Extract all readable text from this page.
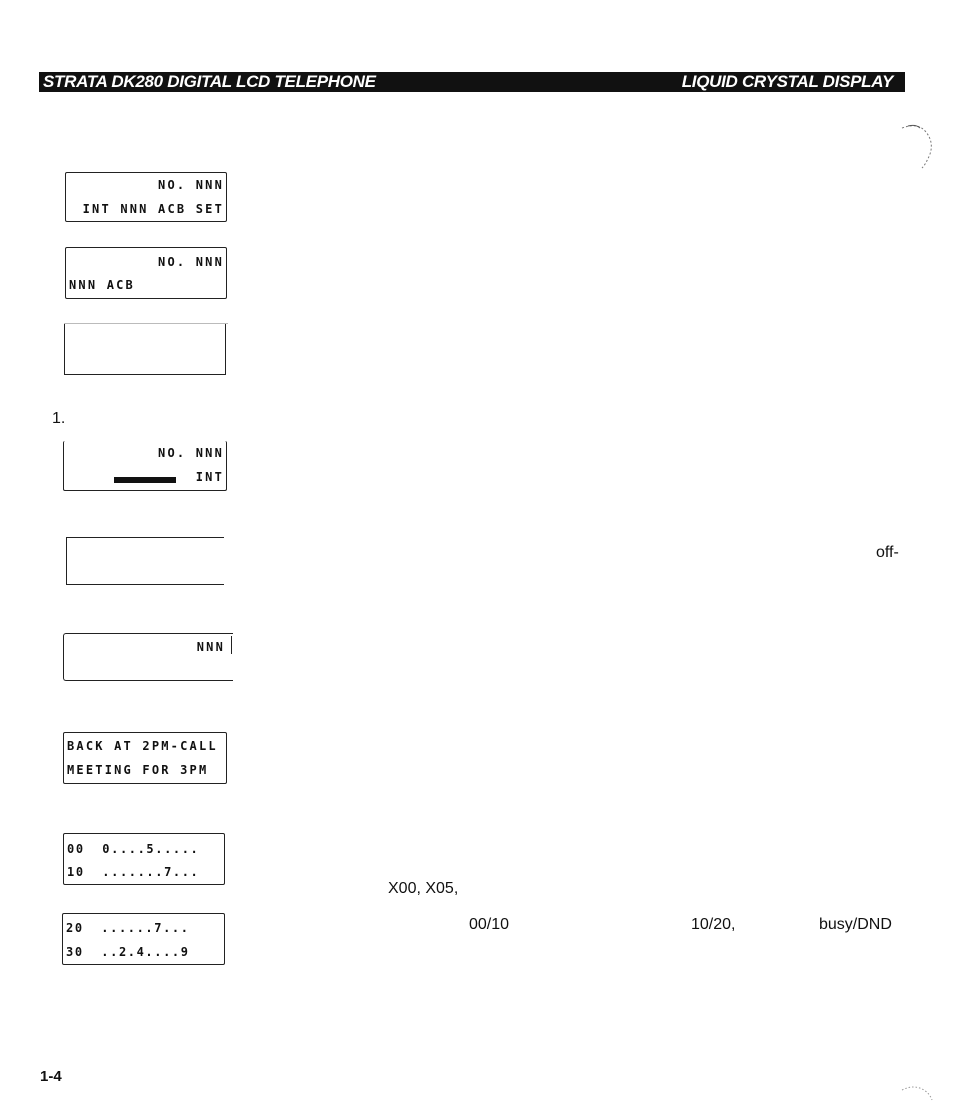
STRATA DK280 DIGITAL LCD TELEPHONE	LIQUID CRYSTAL DISPLAY
NO. NNN
INT NNN ACB SET
NO. NNN
NNN ACB
1.
NO. NNN
INT
NNN
BACK AT 2PM-CALL
MEETING FOR 3PM
00  0....5.....
10  .......7...
20  ......7...
30  ..2.4....9
off-
X00, X05,
00/10	10/20,	busy/DND
1-4
